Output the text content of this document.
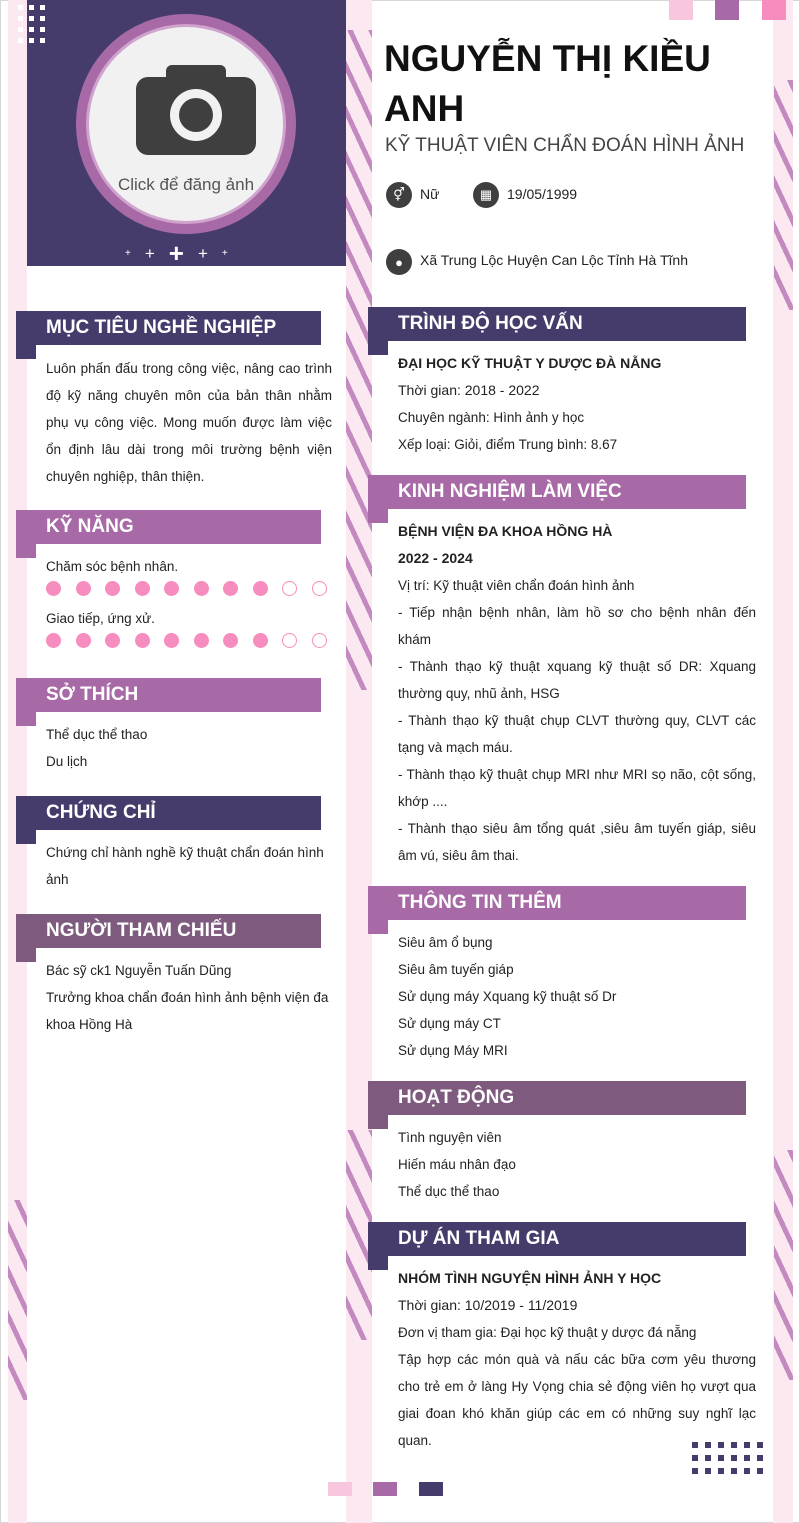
Click để đăng ảnh
+ + + + +
NGUYỄN THỊ KIỀU ANH
KỸ THUẬT VIÊN CHẨN ĐOÁN HÌNH ẢNH
⚥	Nữ	▦	19/05/1999
●	Xã Trung Lộc Huyện Can Lộc Tỉnh Hà Tĩnh
MỤC TIÊU NGHỀ NGHIỆP
Luôn phấn đấu trong công việc, nâng cao trình độ kỹ năng chuyên môn của bản thân nhằm phụ vụ công việc. Mong muốn được làm việc ổn định lâu dài trong môi trường bệnh viện chuyên nghiệp, thân thiện.
KỸ NĂNG
Chăm sóc bệnh nhân.
Giao tiếp, ứng xử.
SỞ THÍCH
Thể dục thể thao
Du lịch
CHỨNG CHỈ
Chứng chỉ hành nghề kỹ thuật chẩn đoán hình ảnh
NGƯỜI THAM CHIẾU
Bác sỹ ck1 Nguyễn Tuấn Dũng
Trưởng khoa chẩn đoán hình ảnh bệnh viện đa khoa Hồng Hà
TRÌNH ĐỘ HỌC VẤN
ĐẠI HỌC KỸ THUẬT Y DƯỢC ĐÀ NẴNG
Thời gian: 2018 - 2022
Chuyên ngành: Hình ảnh y học
Xếp loại: Giỏi, điểm Trung bình: 8.67
KINH NGHIỆM LÀM VIỆC
BỆNH VIỆN ĐA KHOA HỒNG HÀ
2022 - 2024
Vị trí: Kỹ thuật viên chẩn đoán hình ảnh
- Tiếp nhận bệnh nhân, làm hồ sơ cho bệnh nhân đến khám
- Thành thạo kỹ thuật xquang kỹ thuật số DR: Xquang thường quy, nhũ ảnh, HSG
- Thành thạo kỹ thuật chụp CLVT thường quy, CLVT các tạng và mạch máu.
- Thành thạo kỹ thuật chụp MRI như MRI sọ não, cột sống, khớp ....
- Thành thạo siêu âm tổng quát ,siêu âm tuyến giáp, siêu âm vú, siêu âm thai.
THÔNG TIN THÊM
Siêu âm ổ bụng
Siêu âm tuyến giáp
Sử dụng máy Xquang kỹ thuật số Dr
Sử dụng máy CT
Sử dụng Máy MRI
HOẠT ĐỘNG
Tình nguyện viên
Hiến máu nhân đạo
Thể dục thể thao
DỰ ÁN THAM GIA
NHÓM TÌNH NGUYỆN HÌNH ẢNH Y HỌC
Thời gian: 10/2019 - 11/2019
Đơn vị tham gia: Đại học kỹ thuật y dược đá nẵng
Tập hợp các món quà và nấu các bữa cơm yêu thương cho trẻ em ở làng Hy Vọng chia sẻ động viên họ vượt qua giai đoan khó khăn giúp các em có những suy nghĩ lạc quan.
